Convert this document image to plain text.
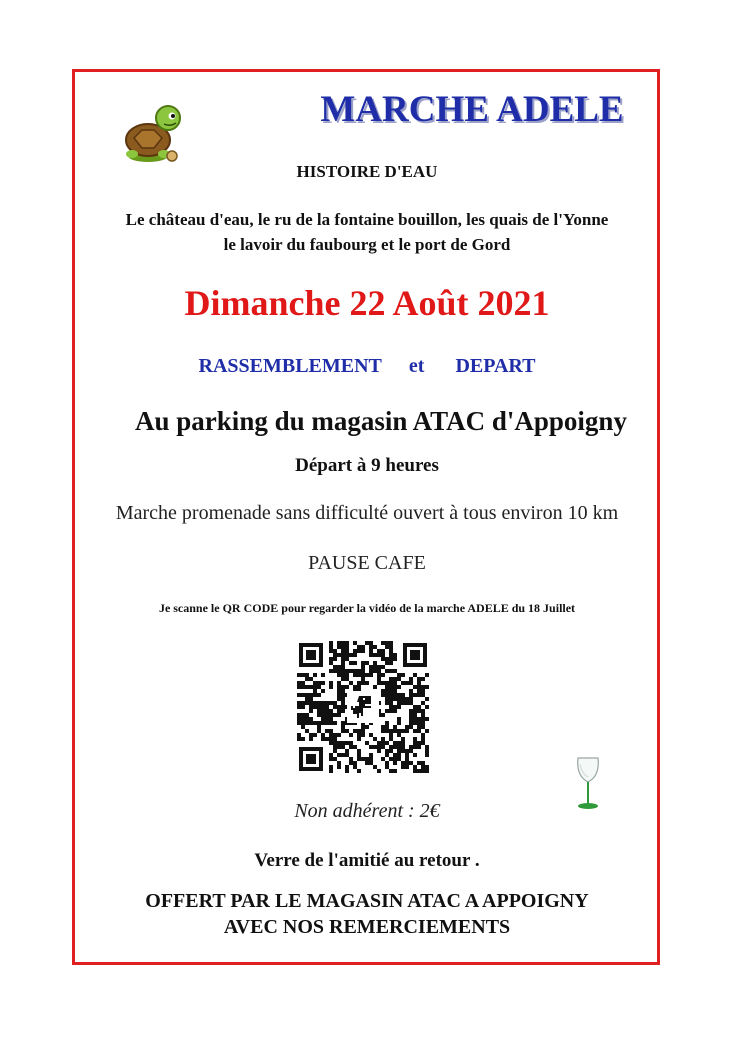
MARCHE ADELE
HISTOIRE D'EAU
Le château d'eau, le ru de la fontaine bouillon, les quais de l'Yonne
le lavoir du faubourg et le port de Gord
Dimanche 22 Août 2021
RASSEMBLEMENT et DEPART
Au parking du magasin ATAC d'Appoigny
Départ à 9 heures
Marche promenade sans difficulté ouvert à tous environ 10 km
PAUSE CAFE
Je scanne le QR CODE pour regarder la vidéo de la marche ADELE du 18 Juillet
Non adhérent : 2€
Verre de l'amitié au retour .
OFFERT PAR LE MAGASIN ATAC A APPOIGNY
AVEC NOS REMERCIEMENTS
